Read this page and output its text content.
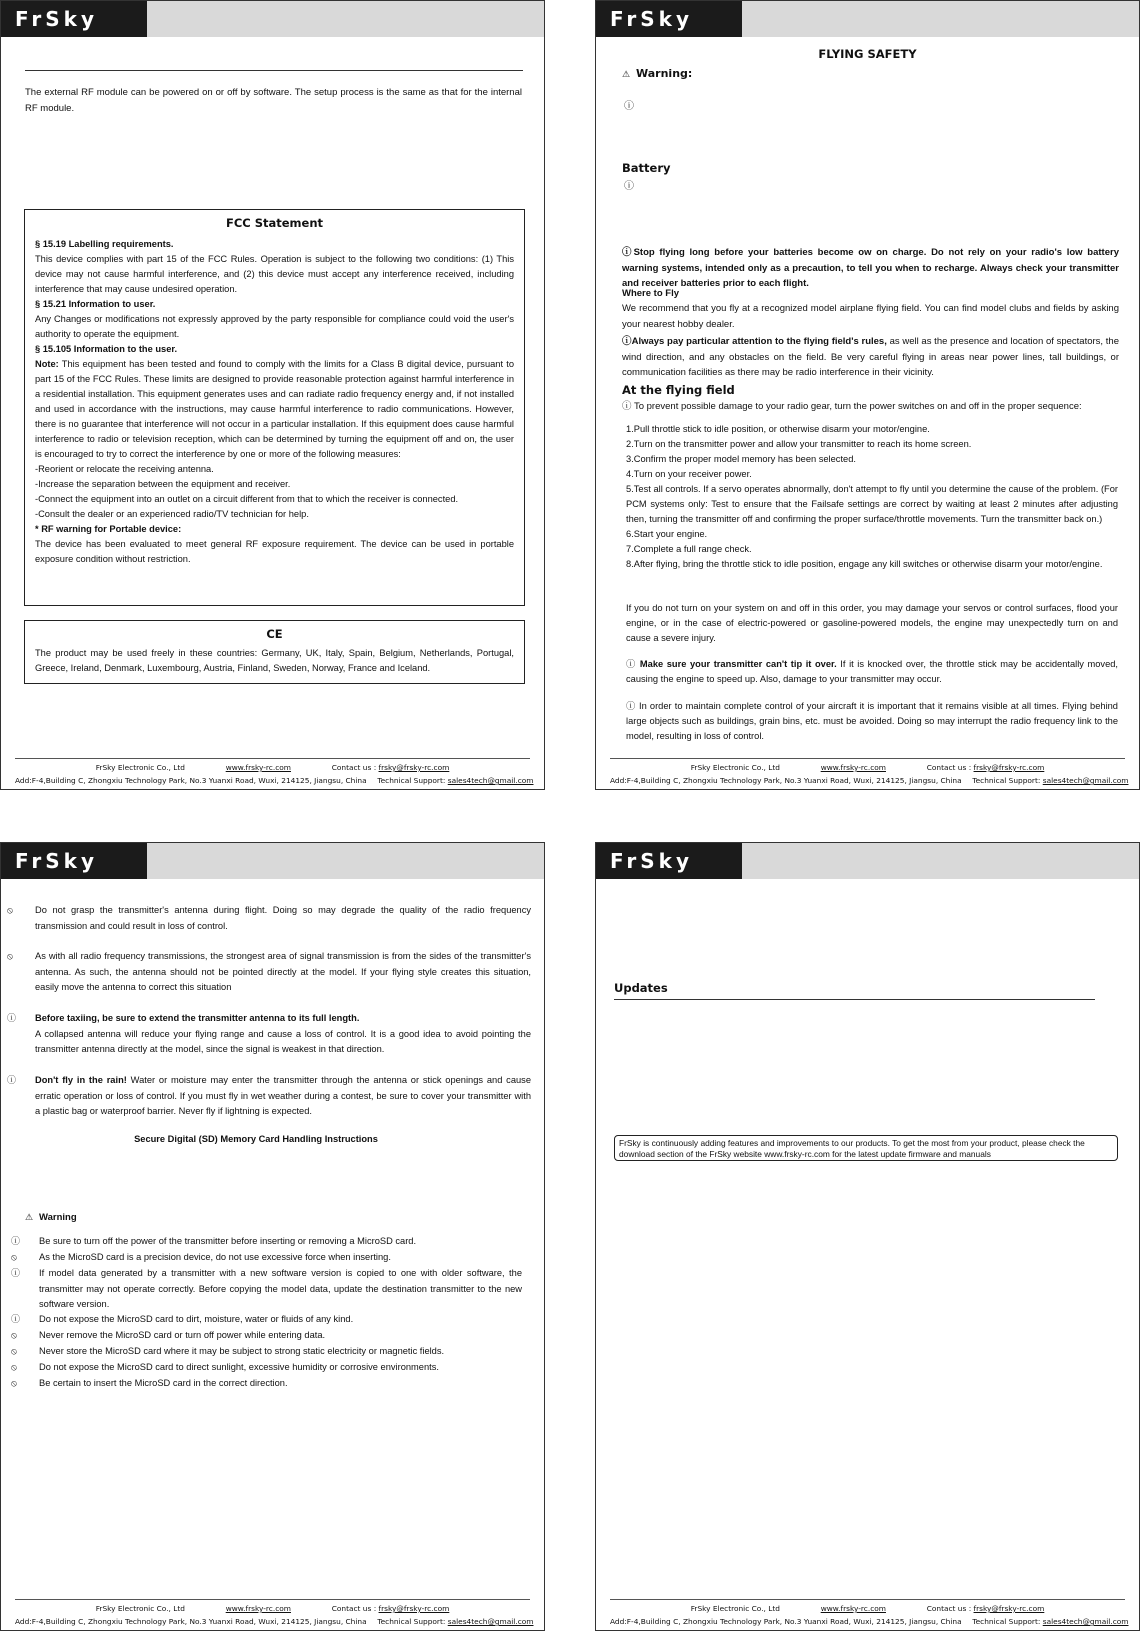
FrSky
The external RF module can be powered on or off by software. The setup process is the same as that for the internal RF module.
FCC Statement
§ 15.19 Labelling requirements.
This device complies with part 15 of the FCC Rules. Operation is subject to the following two conditions: (1) This device may not cause harmful interference, and (2) this device must accept any interference received, including interference that may cause undesired operation.
§ 15.21 Information to user.
Any Changes or modifications not expressly approved by the party responsible for compliance could void the user's authority to operate the equipment.
§ 15.105 Information to the user.
Note: This equipment has been tested and found to comply with the limits for a Class B digital device, pursuant to part 15 of the FCC Rules. These limits are designed to provide reasonable protection against harmful interference in a residential installation. This equipment generates uses and can radiate radio frequency energy and, if not installed and used in accordance with the instructions, may cause harmful interference to radio communications. However, there is no guarantee that interference will not occur in a particular installation. If this equipment does cause harmful interference to radio or television reception, which can be determined by turning the equipment off and on, the user is encouraged to try to correct the interference by one or more of the following measures:
-Reorient or relocate the receiving antenna.
-Increase the separation between the equipment and receiver.
-Connect the equipment into an outlet on a circuit different from that to which the receiver is connected.
-Consult the dealer or an experienced radio/TV technician for help.
* RF warning for Portable device:
The device has been evaluated to meet general RF exposure requirement. The device can be used in portable exposure condition without restriction.
CE
The product may be used freely in these countries: Germany, UK, Italy, Spain, Belgium, Netherlands, Portugal, Greece, Ireland, Denmark, Luxembourg, Austria, Finland, Sweden, Norway, France and Iceland.
FrSky Electronic Co., Ltd	www.frsky-rc.com	Contact us : frsky@frsky-rc.com
Add:F-4,Building C, Zhongxiu Technology Park, No.3 Yuanxi Road, Wuxi, 214125, Jiangsu, China Technical Support: sales4tech@gmail.com
FrSky
FLYING SAFETY
⚠ Warning:
ⓘ
Battery
ⓘ
ⓘStop flying long before your batteries become ow on charge. Do not rely on your radio's low battery warning systems, intended only as a precaution, to tell you when to recharge. Always check your transmitter and receiver batteries prior to each flight.
Where to Fly
We recommend that you fly at a recognized model airplane flying field. You can find model clubs and fields by asking your nearest hobby dealer.
ⓘAlways pay particular attention to the flying field's rules, as well as the presence and location of spectators, the wind direction, and any obstacles on the field. Be very careful flying in areas near power lines, tall buildings, or communication facilities as there may be radio interference in their vicinity.
At the flying field
ⓘ To prevent possible damage to your radio gear, turn the power switches on and off in the proper sequence:
1.Pull throttle stick to idle position, or otherwise disarm your motor/engine.
2.Turn on the transmitter power and allow your transmitter to reach its home screen.
3.Confirm the proper model memory has been selected.
4.Turn on your receiver power.
5.Test all controls. If a servo operates abnormally, don't attempt to fly until you determine the cause of the problem. (For PCM systems only: Test to ensure that the Failsafe settings are correct by waiting at least 2 minutes after adjusting then, turning the transmitter off and confirming the proper surface/throttle movements. Turn the transmitter back on.)
6.Start your engine.
7.Complete a full range check.
8.After flying, bring the throttle stick to idle position, engage any kill switches or otherwise disarm your motor/engine.
If you do not turn on your system on and off in this order, you may damage your servos or control surfaces, flood your engine, or in the case of electric-powered or gasoline-powered models, the engine may unexpectedly turn on and cause a severe injury.
ⓘ Make sure your transmitter can't tip it over. If it is knocked over, the throttle stick may be accidentally moved, causing the engine to speed up. Also, damage to your transmitter may occur.
ⓘ In order to maintain complete control of your aircraft it is important that it remains visible at all times. Flying behind large objects such as buildings, grain bins, etc. must be avoided. Doing so may interrupt the radio frequency link to the model, resulting in loss of control.
FrSky Electronic Co., Ltd	www.frsky-rc.com	Contact us : frsky@frsky-rc.com
Add:F-4,Building C, Zhongxiu Technology Park, No.3 Yuanxi Road, Wuxi, 214125, Jiangsu, China Technical Support: sales4tech@gmail.com
FrSky
⦸ Do not grasp the transmitter's antenna during flight. Doing so may degrade the quality of the radio frequency transmission and could result in loss of control.
⦸ As with all radio frequency transmissions, the strongest area of signal transmission is from the sides of the transmitter's antenna. As such, the antenna should not be pointed directly at the model. If your flying style creates this situation, easily move the antenna to correct this situation
ⓘ Before taxiing, be sure to extend the transmitter antenna to its full length.
A collapsed antenna will reduce your flying range and cause a loss of control. It is a good idea to avoid pointing the transmitter antenna directly at the model, since the signal is weakest in that direction.
ⓘ Don't fly in the rain! Water or moisture may enter the transmitter through the antenna or stick openings and cause erratic operation or loss of control. If you must fly in wet weather during a contest, be sure to cover your transmitter with a plastic bag or waterproof barrier. Never fly if lightning is expected.
Secure Digital (SD) Memory Card Handling Instructions
⚠ Warning
ⓘ Be sure to turn off the power of the transmitter before inserting or removing a MicroSD card.
⦸ As the MicroSD card is a precision device, do not use excessive force when inserting.
ⓘ If model data generated by a transmitter with a new software version is copied to one with older software, the transmitter may not operate correctly. Before copying the model data, update the destination transmitter to the new software version.
ⓘ Do not expose the MicroSD card to dirt, moisture, water or fluids of any kind.
⦸ Never remove the MicroSD card or turn off power while entering data.
⦸ Never store the MicroSD card where it may be subject to strong static electricity or magnetic fields.
⦸ Do not expose the MicroSD card to direct sunlight, excessive humidity or corrosive environments.
⦸ Be certain to insert the MicroSD card in the correct direction.
FrSky Electronic Co., Ltd	www.frsky-rc.com	Contact us : frsky@frsky-rc.com
Add:F-4,Building C, Zhongxiu Technology Park, No.3 Yuanxi Road, Wuxi, 214125, Jiangsu, China Technical Support: sales4tech@gmail.com
FrSky
Updates
FrSky is continuously adding features and improvements to our products. To get the most from your product, please check the download section of the FrSky website www.frsky-rc.com for the latest update firmware and manuals
FrSky Electronic Co., Ltd	www.frsky-rc.com	Contact us : frsky@frsky-rc.com
Add:F-4,Building C, Zhongxiu Technology Park, No.3 Yuanxi Road, Wuxi, 214125, Jiangsu, China Technical Support: sales4tech@gmail.com
